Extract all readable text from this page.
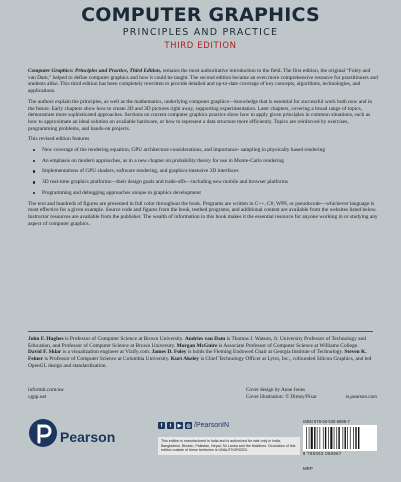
COMPUTER GRAPHICS
PRINCIPLES AND PRACTICE
THIRD EDITION

Computer Graphics: Principles and Practice, Third Edition, remains the most authoritative introduction to the field. The first edition, the original “Foley and van Dam,” helped to define computer graphics and how it could be taught. The second edition became an even more comprehensive resource for practitioners and students alike. This third edition has been completely rewritten to provide detailed and up-to-date coverage of key concepts, algorithms, technologies, and applications.

The authors explain the principles, as well as the mathematics, underlying computer graphics—knowledge that is essential for successful work both now and in the future. Early chapters show how to create 2D and 3D pictures right away, supporting experimentation. Later chapters, covering a broad range of topics, demonstrate more sophisticated approaches. Sections on current computer graphics practice show how to apply given principles in common situations, such as how to approximate an ideal solution on available hardware, or how to represent a data structure more efficiently. Topics are reinforced by exercises, programming problems, and hands-on projects.

This revised edition features

New coverage of the rendering equation, GPU architecture considerations, and importance- sampling in physically based rendering
An emphasis on modern approaches, as in a new chapter on probability theory for use in Monte-Carlo rendering
Implementations of GPU shaders, software rendering, and graphics-intensive 3D interfaces
3D real-time graphics platforms—their design goals and trade-offs—including new mobile and browser platforms
Programming and debugging approaches unique to graphics development

The text and hundreds of figures are presented in full color throughout the book. Programs are written in C++, C#, WPF, or pseudocode—whichever language is most effective for a given example. Source code and figures from the book, testbed programs, and additional content are available from the websites listed below. Instructor resources are available from the publisher. The wealth of information in this book makes it the essential resource for anyone working in or studying any aspect of computer graphics.

John F. Hughes is Professor of Computer Science at Brown University. Andries van Dam is Thomas J. Watson, Jr. University Professor of Technology and Education, and Professor of Computer Science at Brown University. Morgan McGuire is Associate Professor of Computer Science at Williams College. David F. Sklar is a visualization engineer at Vizify.com. James D. Foley is holds the Fleming Endowed Chair at Georgia Institute of Technology. Steven K. Feiner is Professor of Computer Science at Columbia University. Kurt Akeley is Chief Technology Officer at Lytro, Inc., cofounded Silicon Graphics, and led OpenGL design and standardization.
informit.com/aw
cgpp.net
Cover design by Anne Jones
Cover illustration: © Dimey/Pixar
Pearson
f	t	▶ ◎ /PearsonIN
This edition is manufactured in India and is authorized for sale only in India, Bangladesh, Bhutan, Pakistan, Nepal, Sri Lanka and the Maldives. Circulation of this edition outside of these territories is UNAUTHORIZED.
in.pearson.com
ISBN 978-93-530-6896-7
9 789353 068967
MRP
